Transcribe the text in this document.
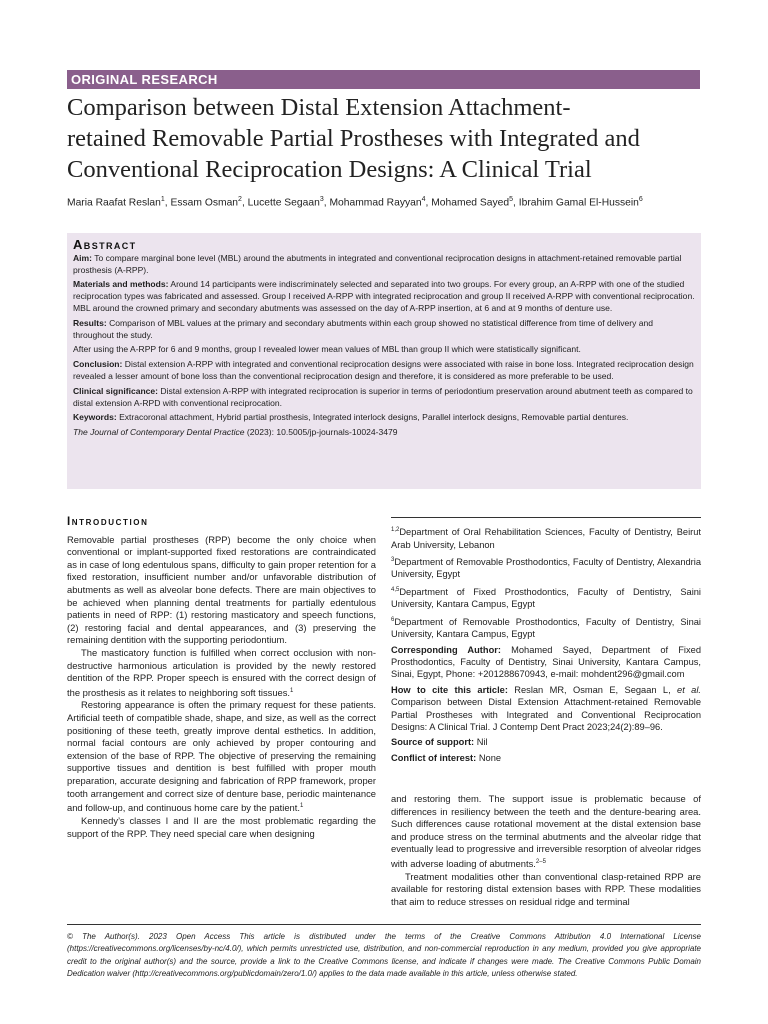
ORIGINAL RESEARCH
Comparison between Distal Extension Attachment-
retained Removable Partial Prostheses with Integrated and
Conventional Reciprocation Designs: A Clinical Trial
Maria Raafat Reslan$^1$, Essam Osman$^2$, Lucette Segaan$^3$, Mohammad Rayyan$^4$, Mohamed Sayed$^5$, Ibrahim Gamal El-Hussein$^6$
Abstract

Aim: To compare marginal bone level (MBL) around the abutments in integrated and conventional reciprocation designs in attachment-retained removable partial prosthesis (A-RPP).

Materials and methods: Around 14 participants were indiscriminately selected and separated into two groups. For every group, an A-RPP with one of the studied reciprocation types was fabricated and assessed. Group I received A-RPP with integrated reciprocation and group II received A-RPP with conventional reciprocation. MBL around the crowned primary and secondary abutments was assessed on the day of A-RPP insertion, at 6 and at 9 months of denture use.

Results: Comparison of MBL values at the primary and secondary abutments within each group showed no statistical difference from time of delivery and throughout the study.

After using the A-RPP for 6 and 9 months, group I revealed lower mean values of MBL than group II which were statistically significant.

Conclusion: Distal extension A-RPP with integrated and conventional reciprocation designs were associated with raise in bone loss. Integrated reciprocation design revealed a lesser amount of bone loss than the conventional reciprocation design and therefore, it is considered as more preferable to be used.

Clinical significance: Distal extension A-RPP with integrated reciprocation is superior in terms of periodontium preservation around abutment teeth as compared to distal extension A-RPD with conventional reciprocation.

Keywords: Extracoronal attachment, Hybrid partial prosthesis, Integrated interlock designs, Parallel interlock designs, Removable partial dentures.

The Journal of Contemporary Dental Practice (2023): 10.5005/jp-journals-10024-3479

Introduction

Removable partial prostheses (RPP) become the only choice when conventional or implant-supported fixed restorations are contraindicated as in case of long edentulous spans, difficulty to gain proper retention for a fixed restoration, insufficient number and/or unfavorable distribution of abutments as well as alveolar bone defects. There are main objectives to be achieved when planning dental treatments for partially edentulous patients in need of RPP: (1) restoring masticatory and speech functions, (2) restoring facial and dental appearances, and (3) preserving the remaining dentition with the supporting periodontium.

The masticatory function is fulfilled when correct occlusion with non-destructive harmonious articulation is provided by the newly restored dentition of the RPP. Proper speech is ensured with the correct design of the prosthesis as it relates to neighboring soft tissues.$^1$

Restoring appearance is often the primary request for these patients. Artificial teeth of compatible shade, shape, and size, as well as the correct positioning of these teeth, greatly improve dental esthetics. In addition, normal facial contours are only achieved by proper contouring and extension of the base of RPP. The objective of preserving the remaining supportive tissues and dentition is best fulfilled with proper mouth preparation, accurate designing and fabrication of RPP framework, proper tooth arrangement and correct size of denture base, periodic maintenance and follow-up, and continuous home care by the patient.$^1$

Kennedy’s classes I and II are the most problematic regarding the support of the RPP. They need special care when designing

$^{1,2}$Department of Oral Rehabilitation Sciences, Faculty of Dentistry, Beirut Arab University, Lebanon

$^3$Department of Removable Prosthodontics, Faculty of Dentistry, Alexandria University, Egypt

$^{4,5}$Department of Fixed Prosthodontics, Faculty of Dentistry, Saini University, Kantara Campus, Egypt

$^6$Department of Removable Prosthodontics, Faculty of Dentistry, Sinai University, Kantara Campus, Egypt

Corresponding Author: Mohamed Sayed, Department of Fixed Prosthodontics, Faculty of Dentistry, Sinai University, Kantara Campus, Sinai, Egypt, Phone: +201288670943, e-mail: mohdent296@gmail.com

How to cite this article: Reslan MR, Osman E, Segaan L, et al. Comparison between Distal Extension Attachment-retained Removable Partial Prostheses with Integrated and Conventional Reciprocation Designs: A Clinical Trial. J Contemp Dent Pract 2023;24(2):89–96.

Source of support: Nil

Conflict of interest: None

and restoring them. The support issue is problematic because of differences in resiliency between the teeth and the denture-bearing area. Such differences cause rotational movement at the distal extension base and produce stress on the terminal abutments and the alveolar ridge that eventually lead to progressive and irreversible resorption of alveolar ridges with adverse loading of abutments.$^{2-5}$

Treatment modalities other than conventional clasp-retained RPP are available for restoring distal extension bases with RPP. These modalities that aim to reduce stresses on residual ridge and terminal

© The Author(s). 2023 Open Access This article is distributed under the terms of the Creative Commons Attribution 4.0 International License (https://creativecommons.org/licenses/by-nc/4.0/), which permits unrestricted use, distribution, and non-commercial reproduction in any medium, provided you give appropriate credit to the original author(s) and the source, provide a link to the Creative Commons license, and indicate if changes were made. The Creative Commons Public Domain Dedication waiver (http://creativecommons.org/publicdomain/zero/1.0/) applies to the data made available in this article, unless otherwise stated.
